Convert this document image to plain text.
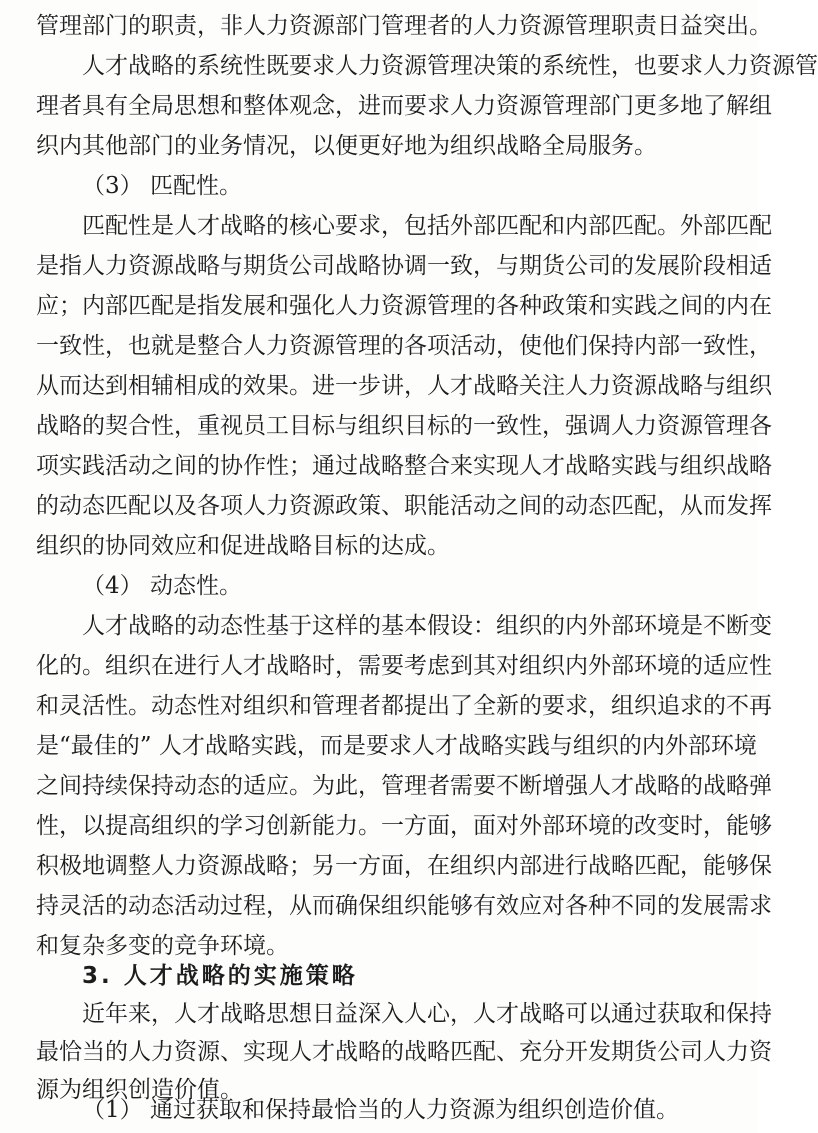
管理部门的职责，非人力资源部门管理者的人力资源管理职责日益突出。
人才战略的系统性既要求人力资源管理决策的系统性，也要求人力资源管
理者具有全局思想和整体观念，进而要求人力资源管理部门更多地了解组
织内其他部门的业务情况，以便更好地为组织战略全局服务。
（3） 匹配性。
匹配性是人才战略的核心要求，包括外部匹配和内部匹配。外部匹配
是指人力资源战略与期货公司战略协调一致，与期货公司的发展阶段相适
应；内部匹配是指发展和强化人力资源管理的各种政策和实践之间的内在
一致性，也就是整合人力资源管理的各项活动，使他们保持内部一致性，
从而达到相辅相成的效果。进一步讲，人才战略关注人力资源战略与组织
战略的契合性，重视员工目标与组织目标的一致性，强调人力资源管理各
项实践活动之间的协作性；通过战略整合来实现人才战略实践与组织战略
的动态匹配以及各项人力资源政策、职能活动之间的动态匹配，从而发挥
组织的协同效应和促进战略目标的达成。
（4） 动态性。
人才战略的动态性基于这样的基本假设：组织的内外部环境是不断变
化的。组织在进行人才战略时，需要考虑到其对组织内外部环境的适应性
和灵活性。动态性对组织和管理者都提出了全新的要求，组织追求的不再
是“最佳的” 人才战略实践，而是要求人才战略实践与组织的内外部环境
之间持续保持动态的适应。为此，管理者需要不断增强人才战略的战略弹
性，以提高组织的学习创新能力。一方面，面对外部环境的改变时，能够
积极地调整人力资源战略；另一方面，在组织内部进行战略匹配，能够保
持灵活的动态活动过程，从而确保组织能够有效应对各种不同的发展需求
和复杂多变的竞争环境。
3. 人才战略的实施策略
近年来，人才战略思想日益深入人心，人才战略可以通过获取和保持
最恰当的人力资源、实现人才战略的战略匹配、充分开发期货公司人力资
源为组织创造价值。
（1） 通过获取和保持最恰当的人力资源为组织创造价值。
